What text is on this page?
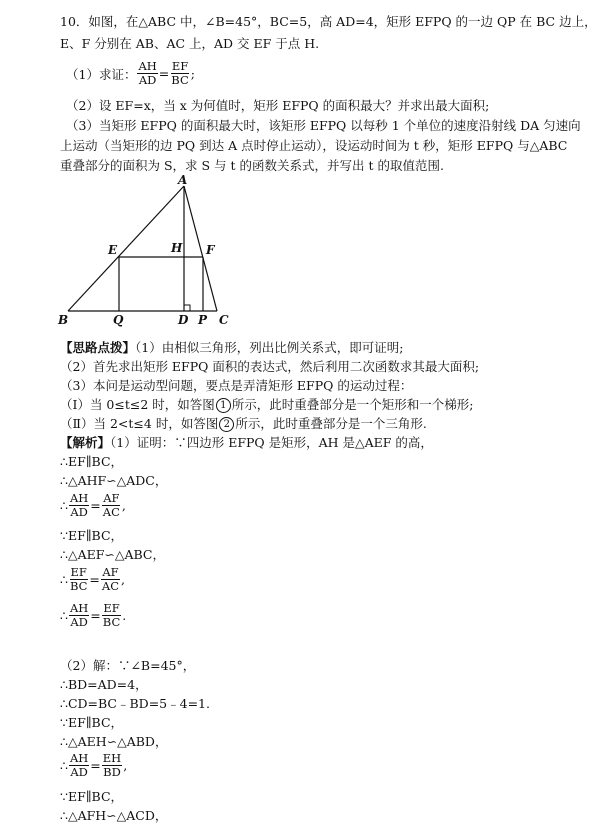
10．如图，在△ABC 中，∠B=45°，BC=5，高 AD=4，矩形 EFPQ 的一边 QP 在 BC 边上，
E、F 分别在 AB、AC 上，AD 交 EF 于点 H.
（1）求证： $\frac{AH}{AD} = \frac{EF}{BC}$ ;
（2）设 EF=x，当 x 为何值时，矩形 EFPQ 的面积最大？并求出最大面积;
（3）当矩形 EFPQ 的面积最大时，该矩形 EFPQ 以每秒 1 个单位的速度沿射线 DA 匀速向
上运动（当矩形的边 PQ 到达 A 点时停止运动），设运动时间为 t 秒，矩形 EFPQ 与△ABC
重叠部分的面积为 S，求 S 与 t 的函数关系式，并写出 t 的取值范围.
A
B	C
D
E	F
H
P
Q
【思路点拨】（1）由相似三角形，列出比例关系式，即可证明;
（2）首先求出矩形 EFPQ 面积的表达式，然后利用二次函数求其最大面积;
（3）本问是运动型问题，要点是弄清矩形 EFPQ 的运动过程：
（Ⅰ）当 0≤t≤2 时，如答图 1 所示，此时重叠部分是一个矩形和一个梯形;
（Ⅱ）当 2<t≤4 时，如答图 2 所示，此时重叠部分是一个三角形.
【解析】（1）证明：∵四边形 EFPQ 是矩形，AH 是△AEF 的高，
∴EF∥BC，
∴△AHF∽△ADC，
∴ $\frac{AH}{AD} = \frac{AF}{AC}$ ,
∵EF∥BC，
∴△AEF∽△ABC，
∴ $\frac{EF}{BC} = \frac{AF}{AC}$ ,
∴ $\frac{AH}{AD} = \frac{EF}{BC}$ .
（2）解：∵∠B=45°，
∴BD=AD=4，
∴CD=BC﹣BD=5﹣4=1.
∵EF∥BC，
∴△AEH∽△ABD，
∴ $\frac{AH}{AD} = \frac{EH}{BD}$ ,
∵EF∥BC，
∴△AFH∽△ACD，
